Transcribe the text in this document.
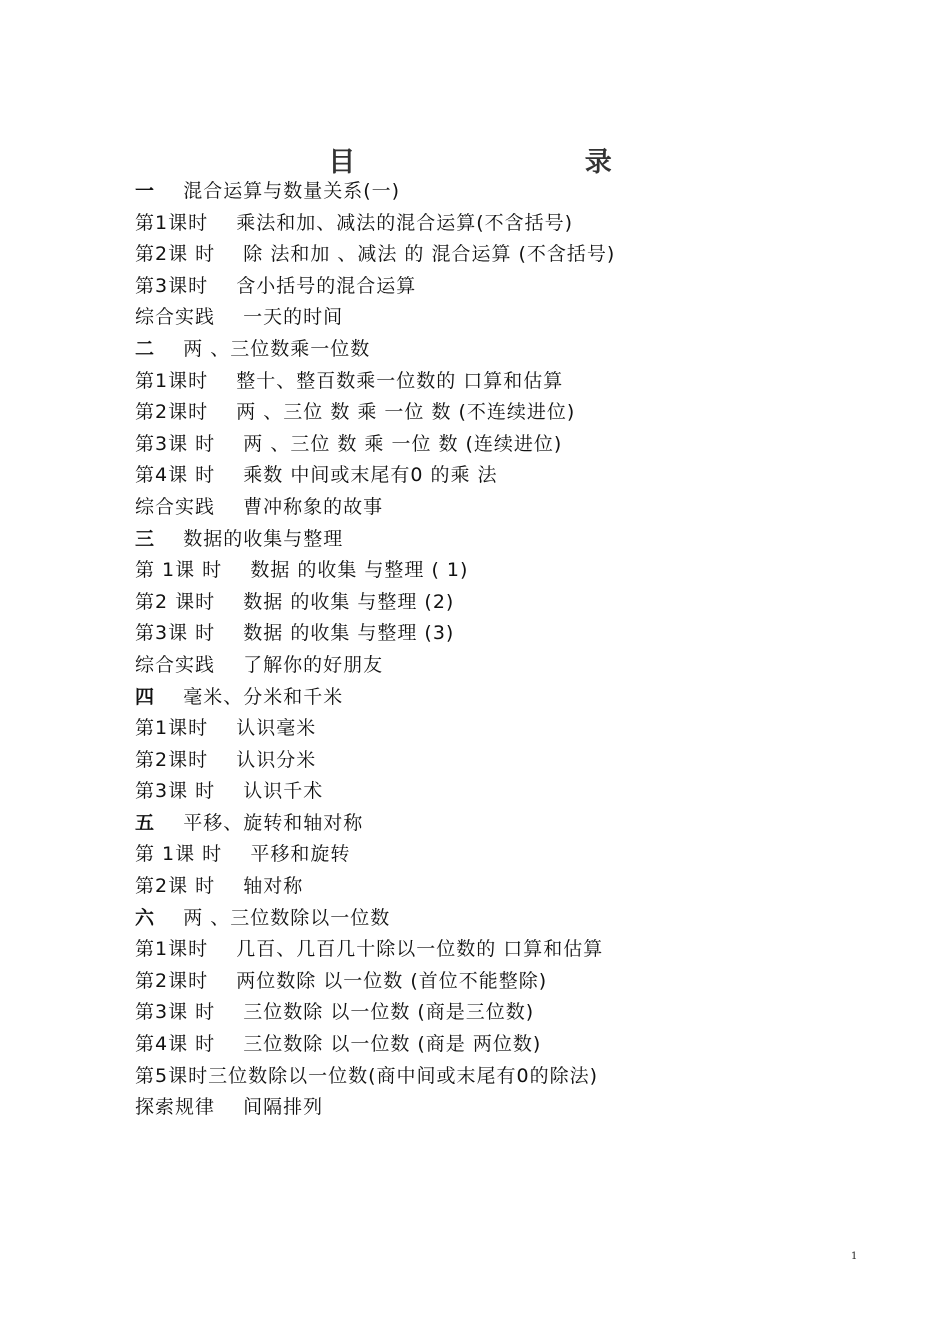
目 录
一 混合运算与数量关系(一)
第1课时    乘法和加、减法的混合运算(不含括号)
第2课 时    除 法和加 、减法 的 混合运算 (不含括号)
第3课时    含小括号的混合运算
综合实践    一天的时间
二 两 、三位数乘一位数
第1课时    整十、整百数乘一位数的 口算和估算
第2课时    两 、三位 数 乘 一位 数 (不连续进位)
第3课 时    两 、三位 数 乘 一位 数 (连续进位)
第4课 时    乘数 中间或末尾有0 的乘 法
综合实践    曹冲称象的故事
三 数据的收集与整理
第 1课 时    数据 的收集 与整理 ( 1)
第2 课时    数据 的收集 与整理 (2)
第3课 时    数据 的收集 与整理 (3)
综合实践    了解你的好朋友
四 毫米、分米和千米
第1课时    认识毫米
第2课时    认识分米
第3课 时    认识千术
五 平移、旋转和轴对称
第 1课 时    平移和旋转
第2课 时    轴对称
六 两 、三位数除以一位数
第1课时    几百、几百几十除以一位数的 口算和估算
第2课时    两位数除 以一位数 (首位不能整除)
第3课 时    三位数除 以一位数 (商是三位数)
第4课 时    三位数除 以一位数 (商是 两位数)
第5课时三位数除以一位数(商中间或末尾有0的除法)
探索规律    间隔排列
1
